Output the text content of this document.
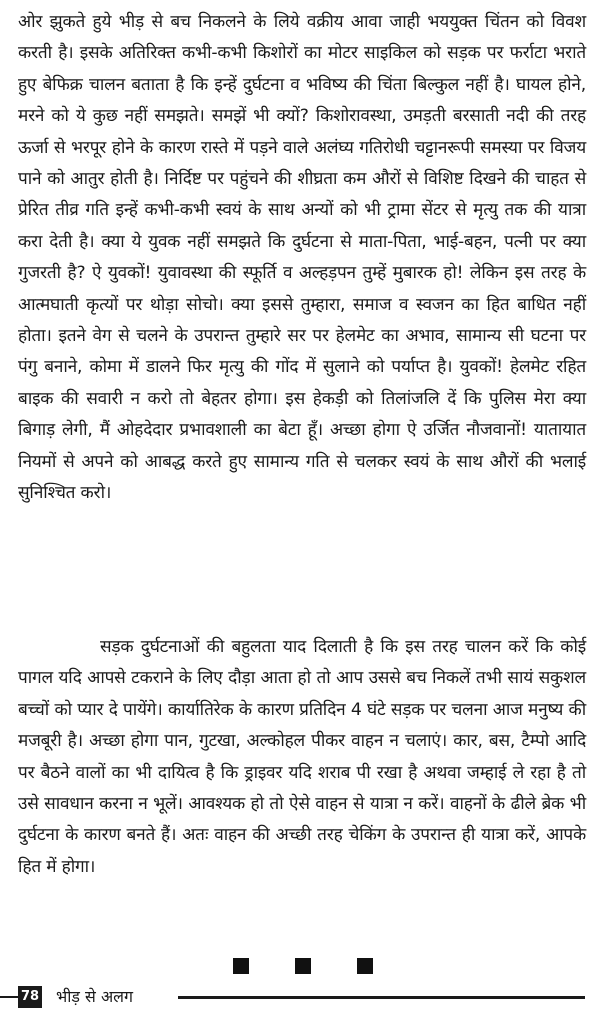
ओर झुकते हुये भीड़ से बच निकलने के लिये वक्रीय आवा जाही भययुक्त चिंतन को विवश करती है। इसके अतिरिक्त कभी-कभी किशोरों का मोटर साइकिल को सड़क पर फर्राटा भराते हुए बेफिक्र चालन बताता है कि इन्हें दुर्घटना व भविष्य की चिंता बिल्कुल नहीं है। घायल होने, मरने को ये कुछ नहीं समझते। समझें भी क्यों? किशोरावस्था, उमड़ती बरसाती नदी की तरह ऊर्जा से भरपूर होने के कारण रास्ते में पड़ने वाले अलंघ्य गतिरोधी चट्टानरूपी समस्या पर विजय पाने को आतुर होती है। निर्दिष्ट पर पहुंचने की शीघ्रता कम औरों से विशिष्ट दिखने की चाहत से प्रेरित तीव्र गति इन्हें कभी-कभी स्वयं के साथ अन्यों को भी ट्रामा सेंटर से मृत्यु तक की यात्रा करा देती है। क्या ये युवक नहीं समझते कि दुर्घटना से माता-पिता, भाई-बहन, पत्नी पर क्या गुजरती है? ऐ युवकों! युवावस्था की स्फूर्ति व अल्हड़पन तुम्हें मुबारक हो! लेकिन इस तरह के आत्मघाती कृत्यों पर थोड़ा सोचो। क्या इससे तुम्हारा, समाज व स्वजन का हित बाधित नहीं होता। इतने वेग से चलने के उपरान्त तुम्हारे सर पर हेलमेट का अभाव, सामान्य सी घटना पर पंगु बनाने, कोमा में डालने फिर मृत्यु की गोंद में सुलाने को पर्याप्त है। युवकों! हेलमेट रहित बाइक की सवारी न करो तो बेहतर होगा। इस हेकड़ी को तिलांजलि दें कि पुलिस मेरा क्या बिगाड़ लेगी, मैं ओहदेदार प्रभावशाली का बेटा हूँ। अच्छा होगा ऐ उर्जित नौजवानों! यातायात नियमों से अपने को आबद्ध करते हुए सामान्य गति से चलकर स्वयं के साथ औरों की भलाई सुनिश्चित करो।

सड़क दुर्घटनाओं की बहुलता याद दिलाती है कि इस तरह चालन करें कि कोई पागल यदि आपसे टकराने के लिए दौड़ा आता हो तो आप उससे बच निकलें तभी सायं सकुशल बच्चों को प्यार दे पायेंगे। कार्यातिरेक के कारण प्रतिदिन 4 घंटे सड़क पर चलना आज मनुष्य की मजबूरी है। अच्छा होगा पान, गुटखा, अल्कोहल पीकर वाहन न चलाएं। कार, बस, टैम्पो आदि पर बैठने वालों का भी दायित्व है कि ड्राइवर यदि शराब पी रखा है अथवा जम्हाई ले रहा है तो उसे सावधान करना न भूलें। आवश्यक हो तो ऐसे वाहन से यात्रा न करें। वाहनों के ढीले ब्रेक भी दुर्घटना के कारण बनते हैं। अतः वाहन की अच्छी तरह चेकिंग के उपरान्त ही यात्रा करें, आपके हित में होगा।

78 भीड़ से अलग
